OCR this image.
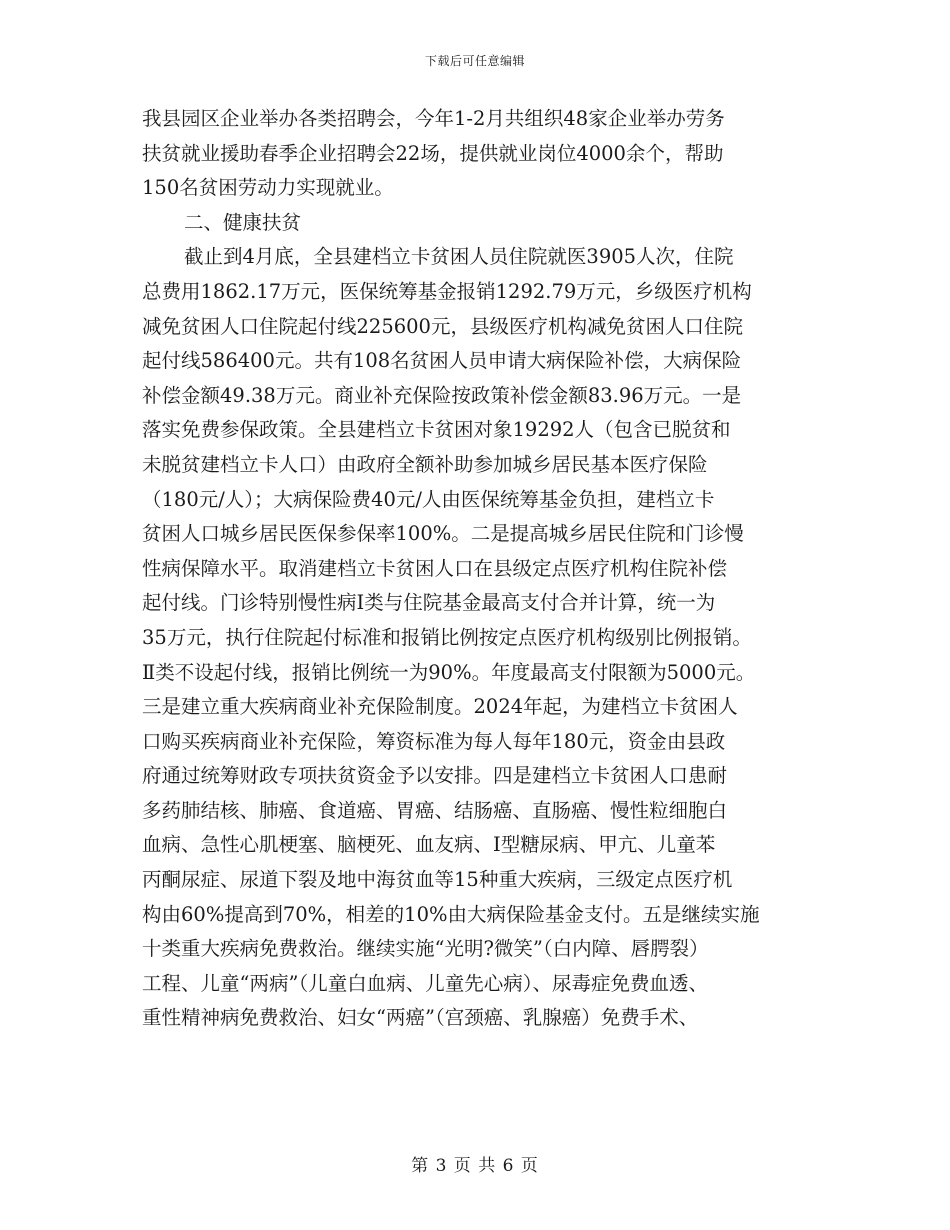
下载后可任意编辑
我县园区企业举办各类招聘会，今年1-2月共组织48家企业举办劳务
扶贫就业援助春季企业招聘会22场，提供就业岗位4000余个，帮助
150名贫困劳动力实现就业。
二、健康扶贫
截止到4月底，全县建档立卡贫困人员住院就医3905人次，住院
总费用1862.17万元，医保统筹基金报销1292.79万元，乡级医疗机构
减免贫困人口住院起付线225600元，县级医疗机构减免贫困人口住院
起付线586400元。共有108名贫困人员申请大病保险补偿，大病保险
补偿金额49.38万元。商业补充保险按政策补偿金额83.96万元。一是
落实免费参保政策。全县建档立卡贫困对象19292人（包含已脱贫和
未脱贫建档立卡人口）由政府全额补助参加城乡居民基本医疗保险
（180元/人）；大病保险费40元/人由医保统筹基金负担，建档立卡
贫困人口城乡居民医保参保率100%。二是提高城乡居民住院和门诊慢
性病保障水平。取消建档立卡贫困人口在县级定点医疗机构住院补偿
起付线。门诊特别慢性病Ⅰ类与住院基金最高支付合并计算，统一为
35万元，执行住院起付标准和报销比例按定点医疗机构级别比例报销。
Ⅱ类不设起付线，报销比例统一为90%。年度最高支付限额为5000元。
三是建立重大疾病商业补充保险制度。2024年起，为建档立卡贫困人
口购买疾病商业补充保险，筹资标准为每人每年180元，资金由县政
府通过统筹财政专项扶贫资金予以安排。四是建档立卡贫困人口患耐
多药肺结核、肺癌、食道癌、胃癌、结肠癌、直肠癌、慢性粒细胞白
血病、急性心肌梗塞、脑梗死、血友病、Ⅰ型糖尿病、甲亢、儿童苯
丙酮尿症、尿道下裂及地中海贫血等15种重大疾病，三级定点医疗机
构由60%提高到70%，相差的10%由大病保险基金支付。五是继续实施
十类重大疾病免费救治。继续实施“光明?微笑”（白内障、唇腭裂）
工程、儿童“两病”（儿童白血病、儿童先心病）、尿毒症免费血透、
重性精神病免费救治、妇女“两癌”（宫颈癌、乳腺癌）免费手术、
第 3 页 共 6 页
